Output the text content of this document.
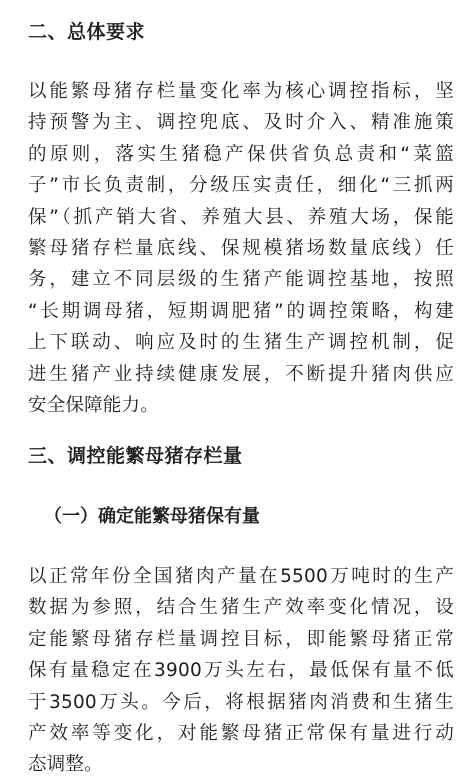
二、总体要求
以能繁母猪存栏量变化率为核心调控指标，坚
持预警为主、调控兜底、及时介入、精准施策
的原则，落实生猪稳产保供省负总责和“菜篮
子”市长负责制，分级压实责任，细化“三抓两
保”（抓产销大省、养殖大县、养殖大场，保能
繁母猪存栏量底线、保规模猪场数量底线）任
务，建立不同层级的生猪产能调控基地，按照
“长期调母猪，短期调肥猪”的调控策略，构建
上下联动、响应及时的生猪生产调控机制，促
进生猪产业持续健康发展，不断提升猪肉供应
安全保障能力。
三、调控能繁母猪存栏量
（一）确定能繁母猪保有量
以正常年份全国猪肉产量在5500万吨时的生产
数据为参照，结合生猪生产效率变化情况，设
定能繁母猪存栏量调控目标，即能繁母猪正常
保有量稳定在3900万头左右，最低保有量不低
于3500万头。今后，将根据猪肉消费和生猪生
产效率等变化，对能繁母猪正常保有量进行动
态调整。
